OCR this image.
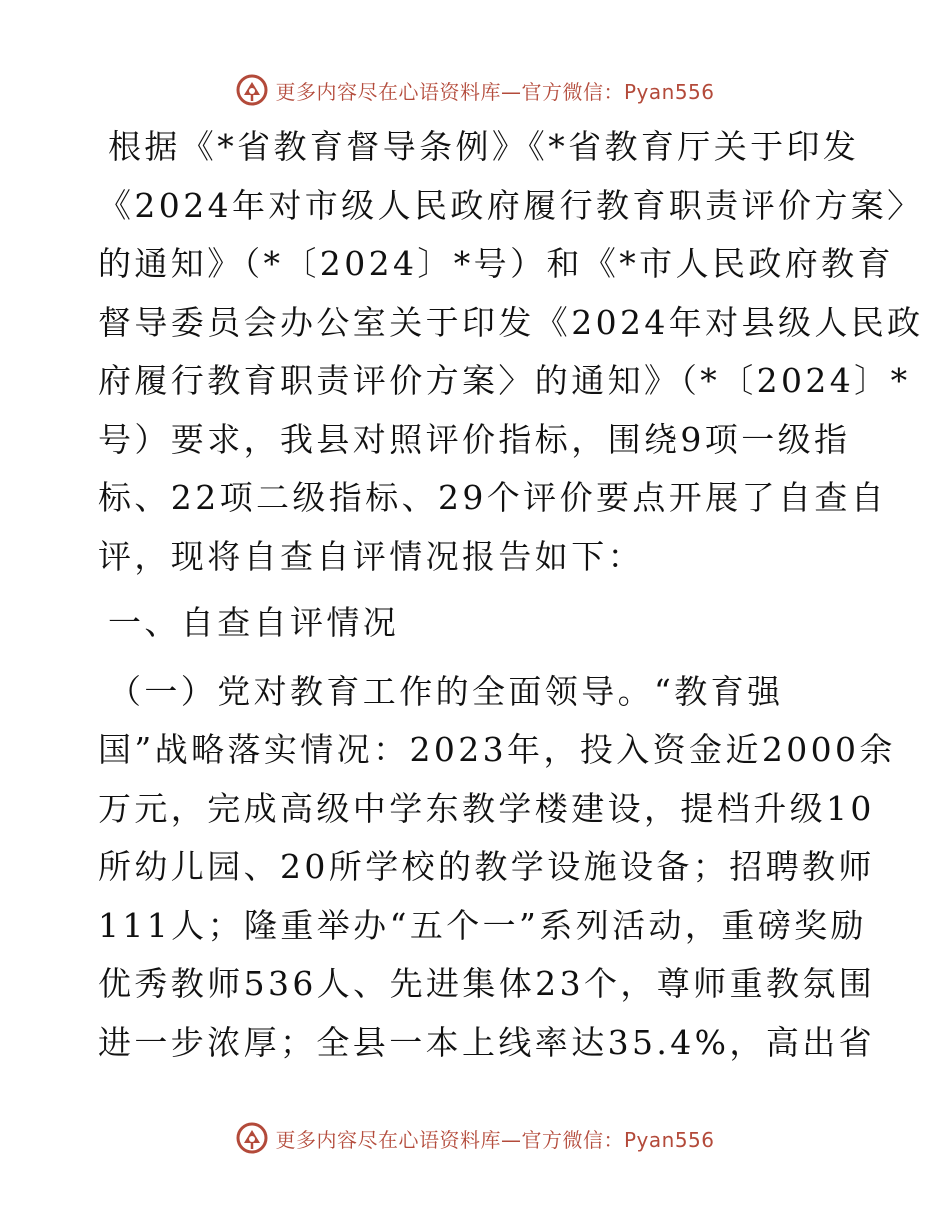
更多内容尽在心语资料库—官方微信：Pyan556
根据《*省教育督导条例》《*省教育厅关于印发
《2024年对市级人民政府履行教育职责评价方案〉
的通知》（*〔2024〕*号）和《*市人民政府教育
督导委员会办公室关于印发《2024年对县级人民政
府履行教育职责评价方案〉的通知》（*〔2024〕*
号）要求，我县对照评价指标，围绕9项一级指
标、22项二级指标、29个评价要点开展了自查自
评，现将自查自评情况报告如下：
一、自查自评情况
（一）党对教育工作的全面领导。“教育强
国”战略落实情况：2023年，投入资金近2000余
万元，完成高级中学东教学楼建设，提档升级10
所幼儿园、20所学校的教学设施设备；招聘教师
111人；隆重举办“五个一”系列活动，重磅奖励
优秀教师536人、先进集体23个，尊师重教氛围
进一步浓厚；全县一本上线率达35.4%，高出省
更多内容尽在心语资料库—官方微信：Pyan556
